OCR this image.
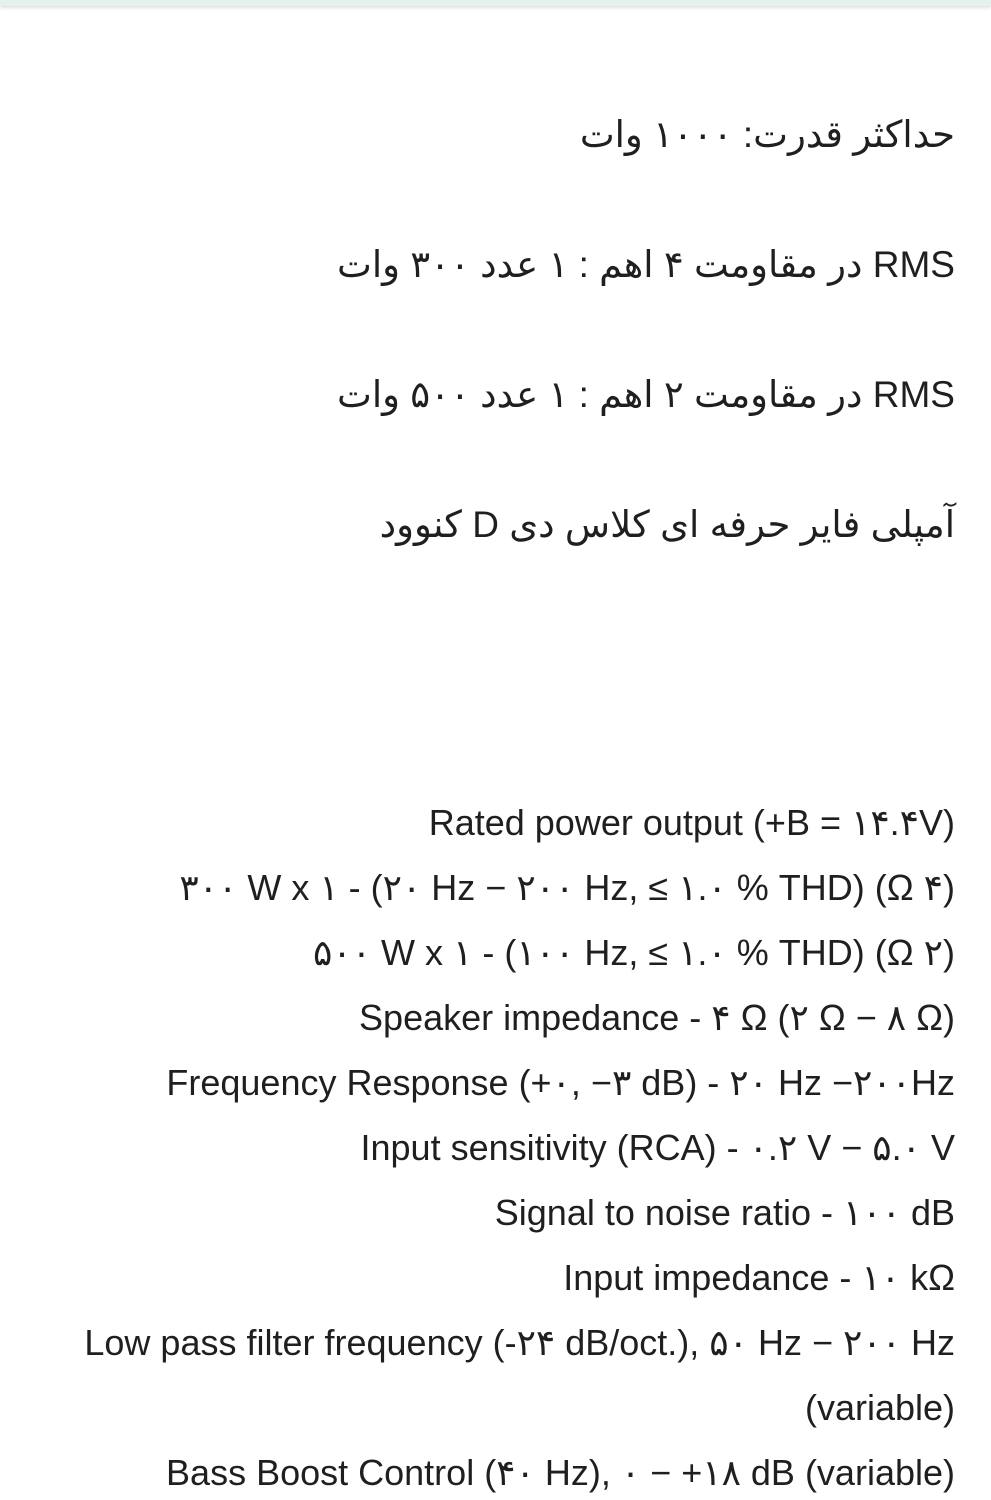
حداکثر قدرت: ۱۰۰۰ وات
RMS در مقاومت ۴ اهم : ۱ عدد ۳۰۰ وات
RMS در مقاومت ۲ اهم : ۱ عدد ۵۰۰ وات
آمپلی فایر حرفه ای کلاس دی D کنوود
Rated power output (+B = ۱۴.۴V)
۳۰۰ W x ۱ - (۲۰ Hz − ۲۰۰ Hz, ≤ ۱.۰ % THD) (Ω ۴)
۵۰۰ W x ۱ - (۱۰۰ Hz, ≤ ۱.۰ % THD) (Ω ۲)
Speaker impedance - ۴ Ω (۲ Ω − ۸ Ω)
Frequency Response (+۰, −۳ dB) - ۲۰ Hz −۲۰۰Hz
Input sensitivity (RCA) - ۰.۲ V − ۵.۰ V
Signal to noise ratio - ۱۰۰ dB
Input impedance - ۱۰ kΩ
Low pass filter frequency (-۲۴ dB/oct.), ۵۰ Hz − ۲۰۰ Hz
(variable)
Bass Boost Control (۴۰ Hz), ۰ − +۱۸ dB (variable)
